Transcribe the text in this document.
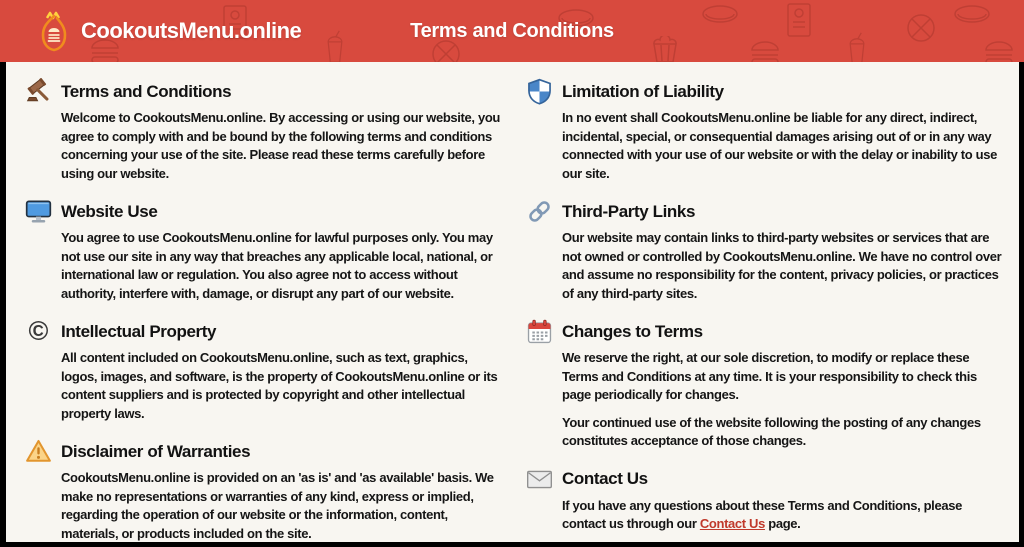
CookoutsMenu.online	Terms and Conditions
Terms and Conditions

Welcome to CookoutsMenu.online. By accessing or using our website, you agree to comply with and be bound by the following terms and conditions concerning your use of the site. Please read these terms carefully before using our website.

Website Use

You agree to use CookoutsMenu.online for lawful purposes only. You may not use our site in any way that breaches any applicable local, national, or international law or regulation. You also agree not to access without authority, interfere with, damage, or disrupt any part of our website.

© Intellectual Property

All content included on CookoutsMenu.online, such as text, graphics, logos, images, and software, is the property of CookoutsMenu.online or its content suppliers and is protected by copyright and other intellectual property laws.

Disclaimer of Warranties

CookoutsMenu.online is provided on an 'as is' and 'as available' basis. We make no representations or warranties of any kind, express or implied, regarding the operation of our website or the information, content, materials, or products included on the site.

Limitation of Liability

In no event shall CookoutsMenu.online be liable for any direct, indirect, incidental, special, or consequential damages arising out of or in any way connected with your use of our website or with the delay or inability to use our site.

Third-Party Links

Our website may contain links to third-party websites or services that are not owned or controlled by CookoutsMenu.online. We have no control over and assume no responsibility for the content, privacy policies, or practices of any third-party sites.

Changes to Terms

We reserve the right, at our sole discretion, to modify or replace these Terms and Conditions at any time. It is your responsibility to check this page periodically for changes.

Your continued use of the website following the posting of any changes constitutes acceptance of those changes.

Contact Us

If you have any questions about these Terms and Conditions, please contact us through our Contact Us page.
